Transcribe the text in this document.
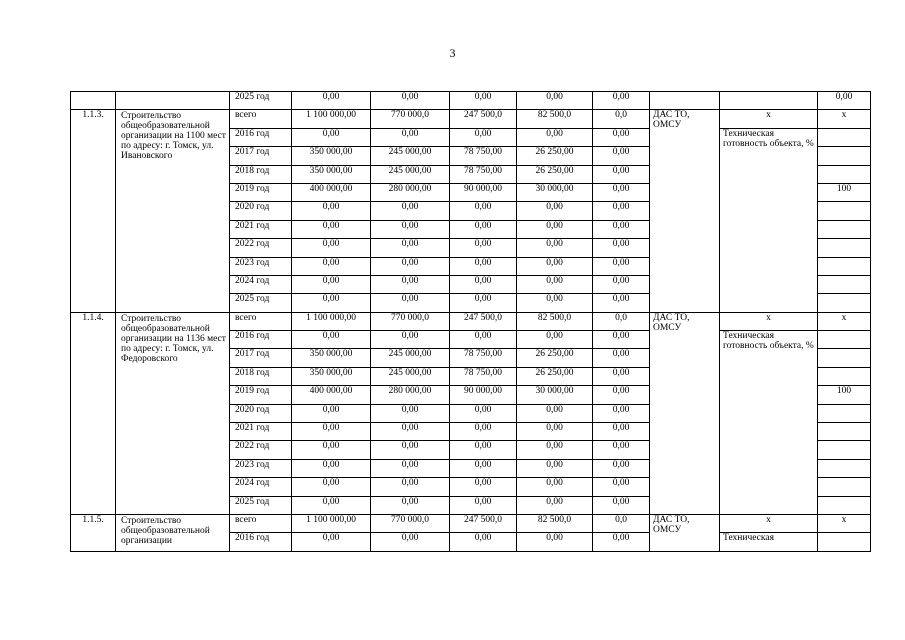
3
		2025 год	0,00	0,00	0,00	0,00	0,00			0,00
1.1.3.	Строительство общеобразовательной организации на 1100 мест по адресу: г. Томск, ул. Ивановского	всего	1 100 000,00	770 000,0	247 500,0	82 500,0	0,0	ДАС ТО, ОМСУ	х	х
		2016 год	0,00	0,00	0,00	0,00	0,00		Техническая готовность объекта, %	

		2017 год	350 000,00	245 000,00	78 750,00	26 250,00	0,00			
		2018 год	350 000,00	245 000,00	78 750,00	26 250,00	0,00			
		2019 год	400 000,00	280 000,00	90 000,00	30 000,00	0,00			100
		2020 год	0,00	0,00	0,00	0,00	0,00			
		2021 год	0,00	0,00	0,00	0,00	0,00			
		2022 год	0,00	0,00	0,00	0,00	0,00			
		2023 год	0,00	0,00	0,00	0,00	0,00			
		2024 год	0,00	0,00	0,00	0,00	0,00			
		2025 год	0,00	0,00	0,00	0,00	0,00			
1.1.4.	Строительство общеобразовательной организации на 1136 мест по адресу: г. Томск, ул. Федоровского	всего	1 100 000,00	770 000,0	247 500,0	82 500,0	0,0	ДАС ТО, ОМСУ	х	х
		2016 год	0,00	0,00	0,00	0,00	0,00		Техническая готовность объекта, %	

		2017 год	350 000,00	245 000,00	78 750,00	26 250,00	0,00			
		2018 год	350 000,00	245 000,00	78 750,00	26 250,00	0,00			
		2019 год	400 000,00	280 000,00	90 000,00	30 000,00	0,00			100
		2020 год	0,00	0,00	0,00	0,00	0,00			
		2021 год	0,00	0,00	0,00	0,00	0,00			
		2022 год	0,00	0,00	0,00	0,00	0,00			
		2023 год	0,00	0,00	0,00	0,00	0,00			
		2024 год	0,00	0,00	0,00	0,00	0,00			
		2025 год	0,00	0,00	0,00	0,00	0,00			
1.1.5.	Строительство общеобразовательной организации	всего	1 100 000,00	770 000,0	247 500,0	82 500,0	0,0	ДАС ТО, ОМСУ	х	х
		2016 год	0,00	0,00	0,00	0,00	0,00		Техническая	
